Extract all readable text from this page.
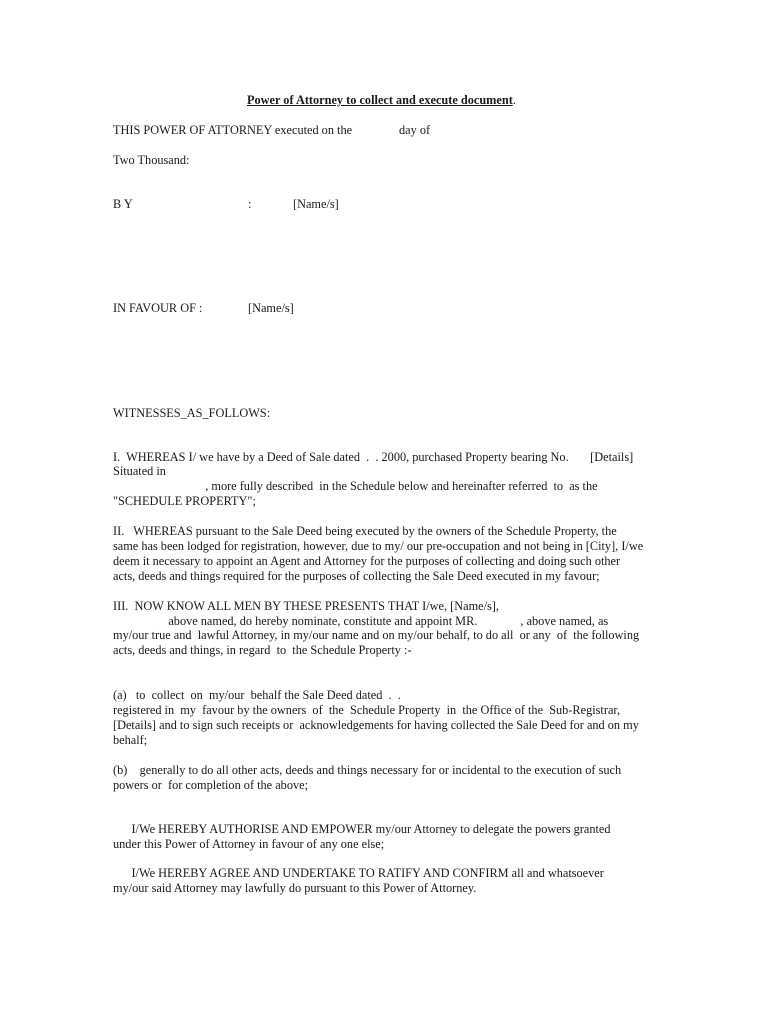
Power of Attorney to collect and execute document.
THIS POWER OF ATTORNEY executed on the	day of
Two Thousand:
B Y	:	[Name/s]
IN FAVOUR OF :	[Name/s]
WITNESSES_AS_FOLLOWS:
I.  WHEREAS I/ we have by a Deed of Sale dated  .  . 2000, purchased Property bearing No.       [Details]
Situated in
, more fully described  in the Schedule below and hereinafter referred  to  as the
"SCHEDULE PROPERTY";
II.   WHEREAS pursuant to the Sale Deed being executed by the owners of the Schedule Property, the
same has been lodged for registration, however, due to my/ our pre-occupation and not being in [City], I/we
deem it necessary to appoint an Agent and Attorney for the purposes of collecting and doing such other
acts, deeds and things required for the purposes of collecting the Sale Deed executed in my favour;
III.  NOW KNOW ALL MEN BY THESE PRESENTS THAT I/we, [Name/s],
above named, do hereby nominate, constitute and appoint MR.              , above named, as
my/our true and  lawful Attorney, in my/our name and on my/our behalf, to do all  or any  of  the following
acts, deeds and things, in regard  to  the Schedule Property :-
(a)   to  collect  on  my/our  behalf the Sale Deed dated  .  .
registered in  my  favour by the owners  of  the  Schedule Property  in  the Office of the  Sub-Registrar,
[Details] and to sign such receipts or  acknowledgements for having collected the Sale Deed for and on my
behalf;
(b)    generally to do all other acts, deeds and things necessary for or incidental to the execution of such
powers or  for completion of the above;
I/We HEREBY AUTHORISE AND EMPOWER my/our Attorney to delegate the powers granted
under this Power of Attorney in favour of any one else;
I/We HEREBY AGREE AND UNDERTAKE TO RATIFY AND CONFIRM all and whatsoever
my/our said Attorney may lawfully do pursuant to this Power of Attorney.
